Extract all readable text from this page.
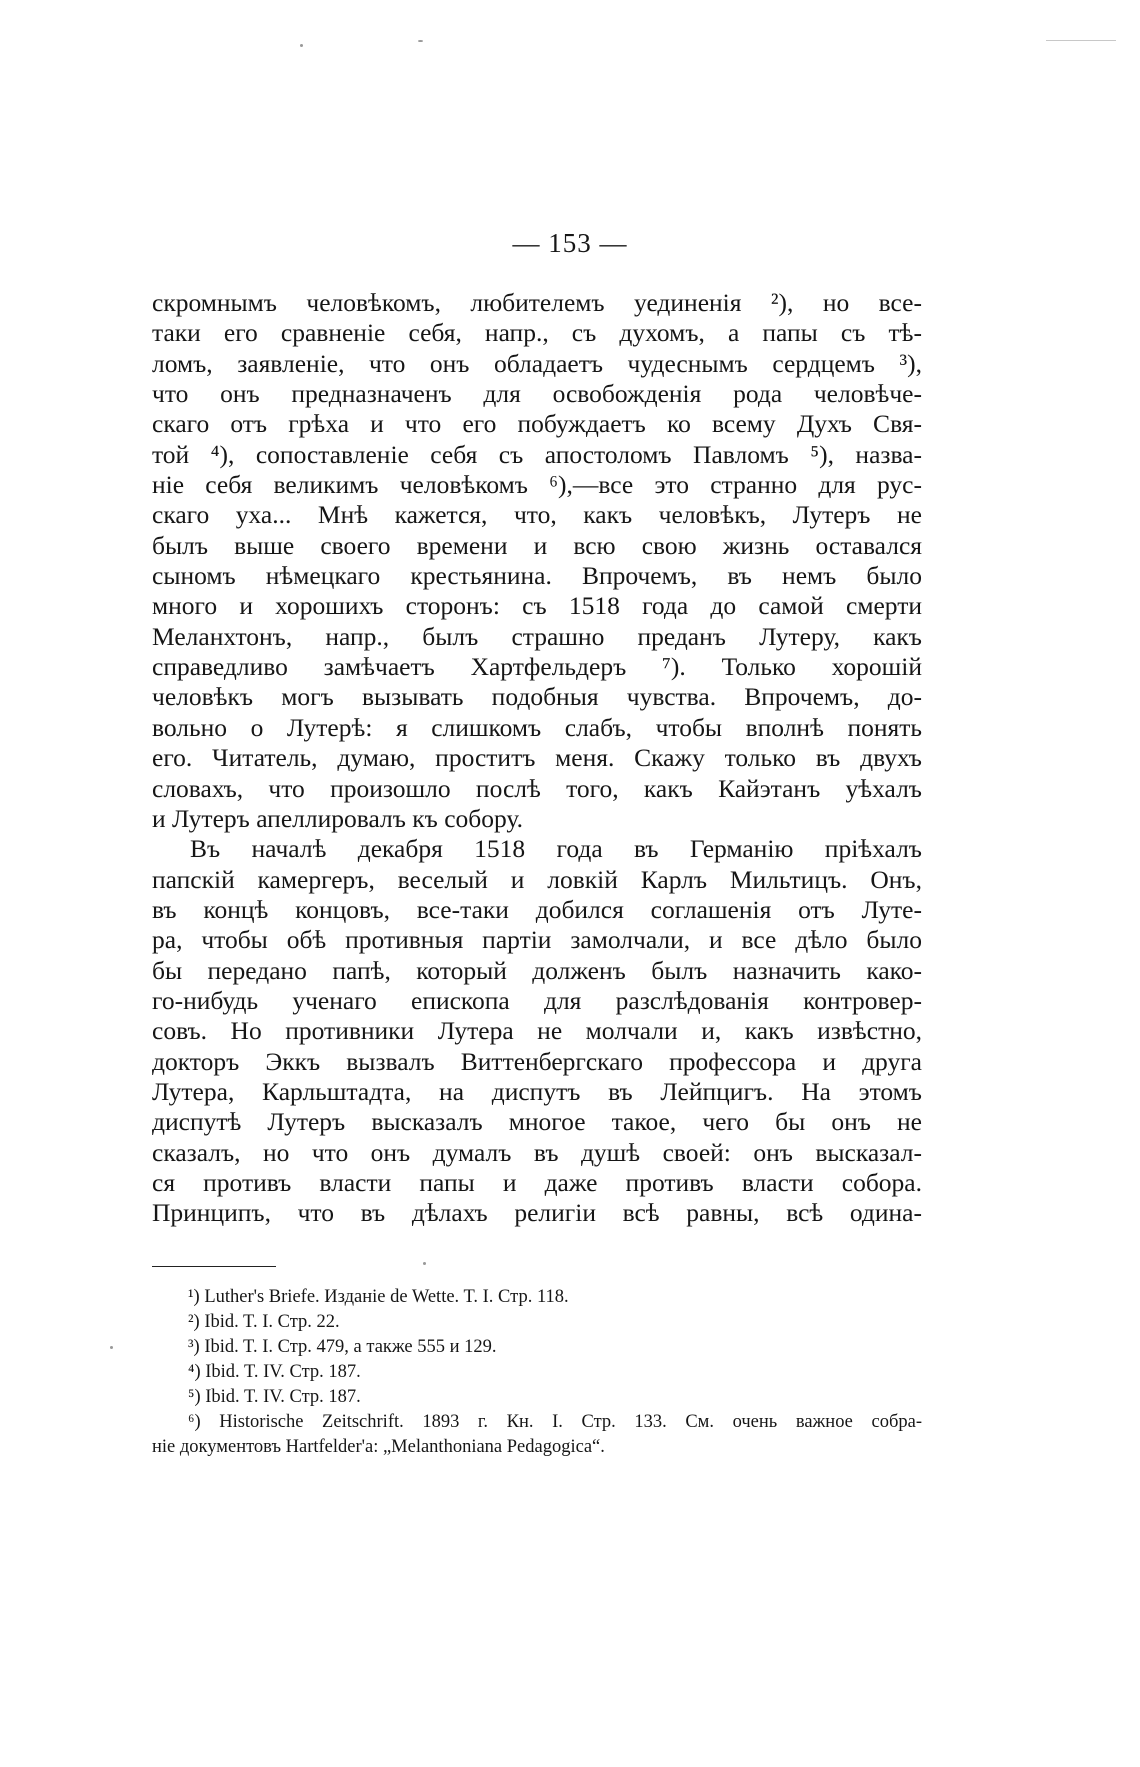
— 153 —
скромнымъ человѣкомъ, любителемъ уединенія ²), но все-
таки его сравненіе себя, напр., съ духомъ, а папы съ тѣ-
ломъ, заявленіе, что онъ обладаетъ чудеснымъ сердцемъ ³),
что онъ предназначенъ для освобожденія рода человѣче-
скаго отъ грѣха и что его побуждаетъ ко всему Духъ Свя-
той ⁴), сопоставленіе себя съ апостоломъ Павломъ ⁵), назва-
ніе себя великимъ человѣкомъ ⁶),—все это странно для рус-
скаго уха... Мнѣ кажется, что, какъ человѣкъ, Лутеръ не
былъ выше своего времени и всю свою жизнь оставался
сыномъ нѣмецкаго крестьянина. Впрочемъ, въ немъ было
много и хорошихъ сторонъ: съ 1518 года до самой смерти
Меланхтонъ, напр., былъ страшно преданъ Лутеру, какъ
справедливо замѣчаетъ Хартфельдеръ ⁷). Только хорошій
человѣкъ могъ вызывать подобныя чувства. Впрочемъ, до-
вольно о Лутерѣ: я слишкомъ слабъ, чтобы вполнѣ понять
его. Читатель, думаю, проститъ меня. Скажу только въ двухъ
словахъ, что произошло послѣ того, какъ Кайэтанъ уѣхалъ
и Лутеръ апеллировалъ къ собору.
Въ началѣ декабря 1518 года въ Германію пріѣхалъ
папскій камергеръ, веселый и ловкій Карлъ Мильтицъ. Онъ,
въ концѣ концовъ, все-таки добился соглашенія отъ Луте-
ра, чтобы обѣ противныя партіи замолчали, и все дѣло было
бы передано папѣ, который долженъ былъ назначить како-
го-нибудь ученаго епископа для разслѣдованія контровер-
совъ. Но противники Лутера не молчали и, какъ извѣстно,
докторъ Эккъ вызвалъ Виттенбергскаго профессора и друга
Лутера, Карльштадта, на диспутъ въ Лейпцигъ. На этомъ
диспутѣ Лутеръ высказалъ многое такое, чего бы онъ не
сказалъ, но что онъ думалъ въ душѣ своей: онъ высказал-
ся противъ власти папы и даже противъ власти собора.
Принципъ, что въ дѣлахъ религіи всѣ равны, всѣ одина-
¹) Luther's Briefe. Изданіе de Wette. T. I. Стр. 118.
²) Ibid. T. I. Стр. 22.
³) Ibid. T. I. Стр. 479, а также 555 и 129.
⁴) Ibid. T. IV. Стр. 187.
⁵) Ibid. T. IV. Стр. 187.
⁶) Historische Zeitschrift. 1893 г. Кн. I. Стр. 133. См. очень важное собра-
ніе документовъ Hartfelder'a: „Melanthoniana Pedagogica“.
